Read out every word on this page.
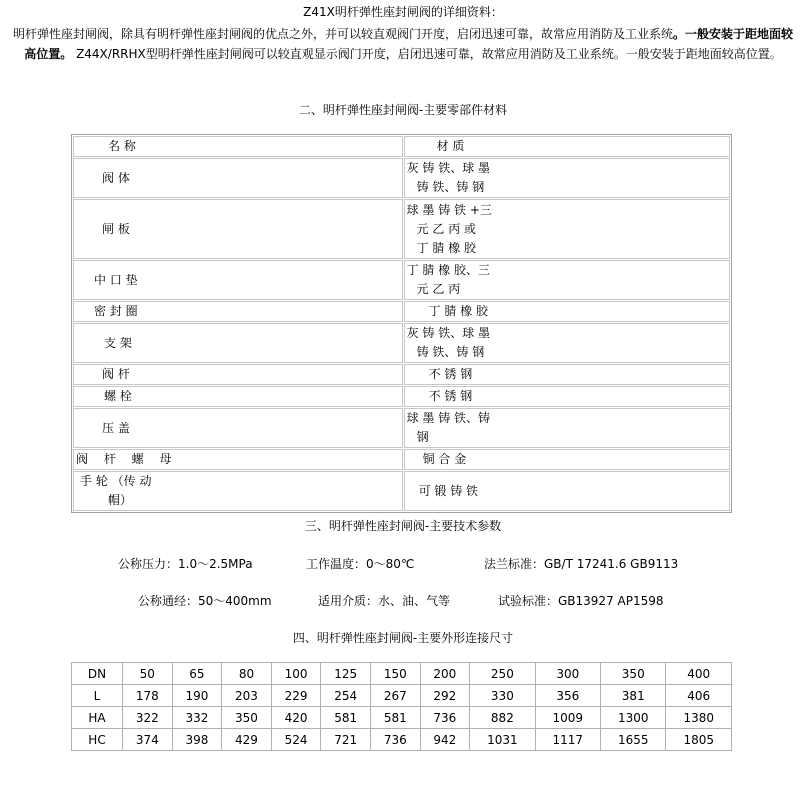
Z41X明杆弹性座封闸阀的详细资料：
明杆弹性座封闸阀，除具有明杆弹性座封闸阀的优点之外，并可以较直观阀门开度，启闭迅速可靠，故常应用消防及工业系统。一般安装于距地面较高位置。 Z44X/RRHX型明杆弹性座封闸阀可以较直观显示阀门开度，启闭迅速可靠，故常应用消防及工业系统。一般安装于距地面较高位置。
二、明杆弹性座封闸阀-主要零部件材料
名 称	材 质

阀 体	灰 铸 铁、球 墨
铸 铁、铸 钢

闸 板	球 墨 铸 铁 +三
元 乙 丙 或
丁 腈 橡 胶

中 口 垫	丁 腈 橡 胶、三
元 乙 丙

密 封 圈	丁 腈 橡 胶

支 架	灰 铸 铁、球 墨
铸 铁、铸 钢

阀 杆	不 锈 钢

螺 栓	不 锈 钢

压 盖	球 墨 铸 铁、铸
钢

阀 杆 螺 母	铜 合 金

手 轮 （传 动
帽）	可 锻 铸 铁
三、明杆弹性座封闸阀-主要技术参数
公称压力：1.0～2.5MPa	工作温度：0～80℃	法兰标准：GB/T 17241.6 GB9113
公称通经：50～400mm	适用介质：水、油、气等	试验标准：GB13927 AP1598
四、明杆弹性座封闸阀-主要外形连接尺寸
DN	50	65	80	100	125	150	200	250	300	350	400
L	178	190	203	229	254	267	292	330	356	381	406
HA	322	332	350	420	581	581	736	882	1009	1300	1380
HC	374	398	429	524	721	736	942	1031	1117	1655	1805
